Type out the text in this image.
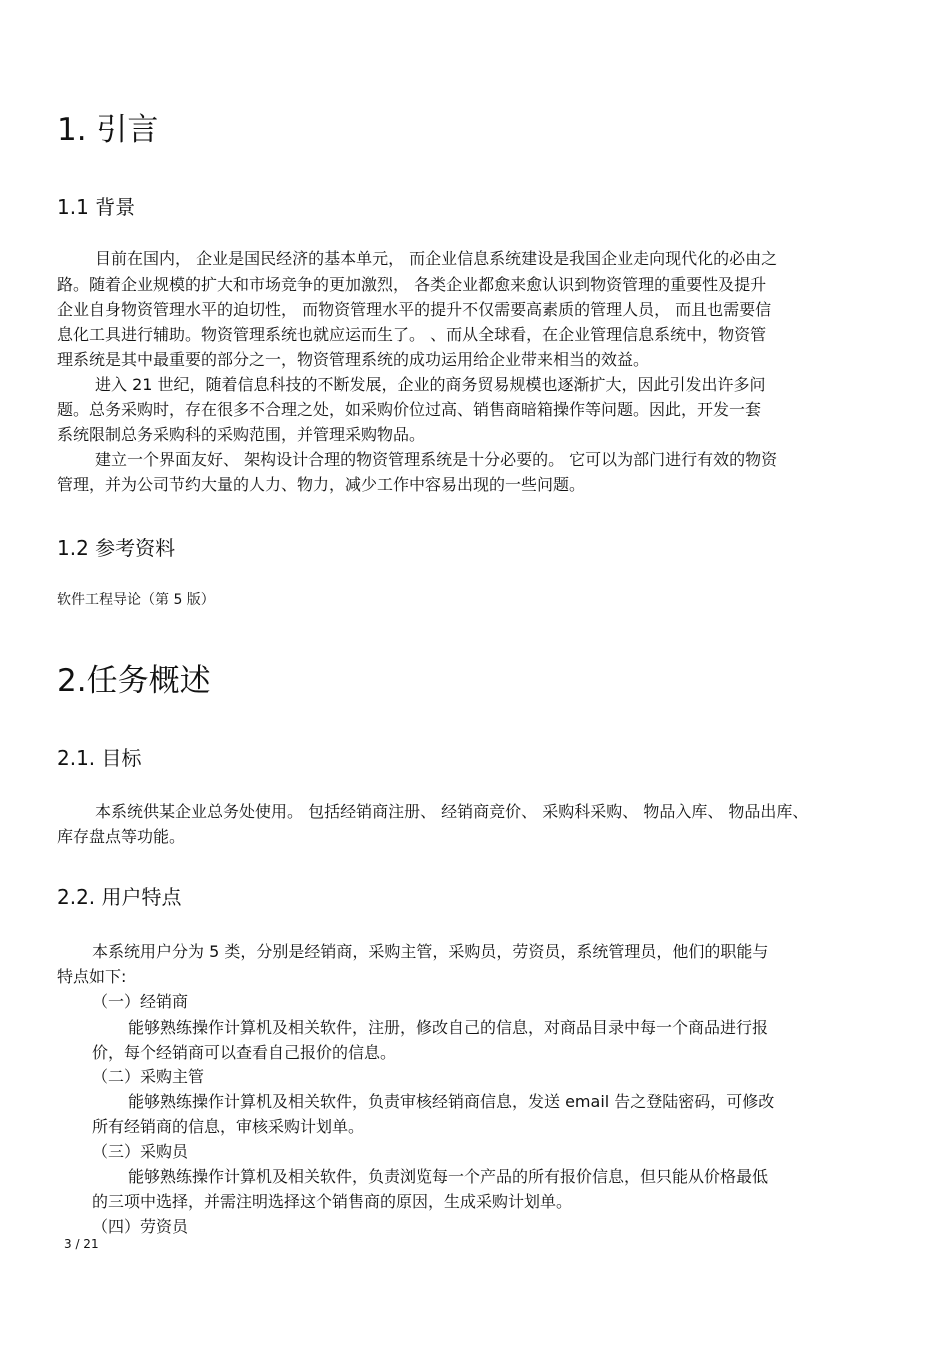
1. 引言
1.1 背景
目前在国内， 企业是国民经济的基本单元， 而企业信息系统建设是我国企业走向现代化的必由之
路。随着企业规模的扩大和市场竞争的更加激烈， 各类企业都愈来愈认识到物资管理的重要性及提升
企业自身物资管理水平的迫切性， 而物资管理水平的提升不仅需要高素质的管理人员， 而且也需要信
息化工具进行辅助。物资管理系统也就应运而生了。 、而从全球看，在企业管理信息系统中，物资管
理系统是其中最重要的部分之一，物资管理系统的成功运用给企业带来相当的效益。
进入 21 世纪，随着信息科技的不断发展，企业的商务贸易规模也逐渐扩大，因此引发出许多问
题。总务采购时，存在很多不合理之处，如采购价位过高、销售商暗箱操作等问题。因此，开发一套
系统限制总务采购科的采购范围，并管理采购物品。
建立一个界面友好、 架构设计合理的物资管理系统是十分必要的。 它可以为部门进行有效的物资
管理，并为公司节约大量的人力、物力，减少工作中容易出现的一些问题。
1.2 参考资料
软件工程导论（第 5 版）
2.任务概述
2.1. 目标
本系统供某企业总务处使用。 包括经销商注册、 经销商竞价、 采购科采购、 物品入库、 物品出库、
库存盘点等功能。
2.2. 用户特点
本系统用户分为 5 类，分别是经销商，采购主管，采购员，劳资员，系统管理员，他们的职能与
特点如下:
（一）经销商
能够熟练操作计算机及相关软件，注册，修改自己的信息，对商品目录中每一个商品进行报
价，每个经销商可以查看自己报价的信息。
（二）采购主管
能够熟练操作计算机及相关软件，负责审核经销商信息，发送 email 告之登陆密码，可修改
所有经销商的信息，审核采购计划单。
（三）采购员
能够熟练操作计算机及相关软件，负责浏览每一个产品的所有报价信息，但只能从价格最低
的三项中选择，并需注明选择这个销售商的原因，生成采购计划单。
（四）劳资员
3 / 21
